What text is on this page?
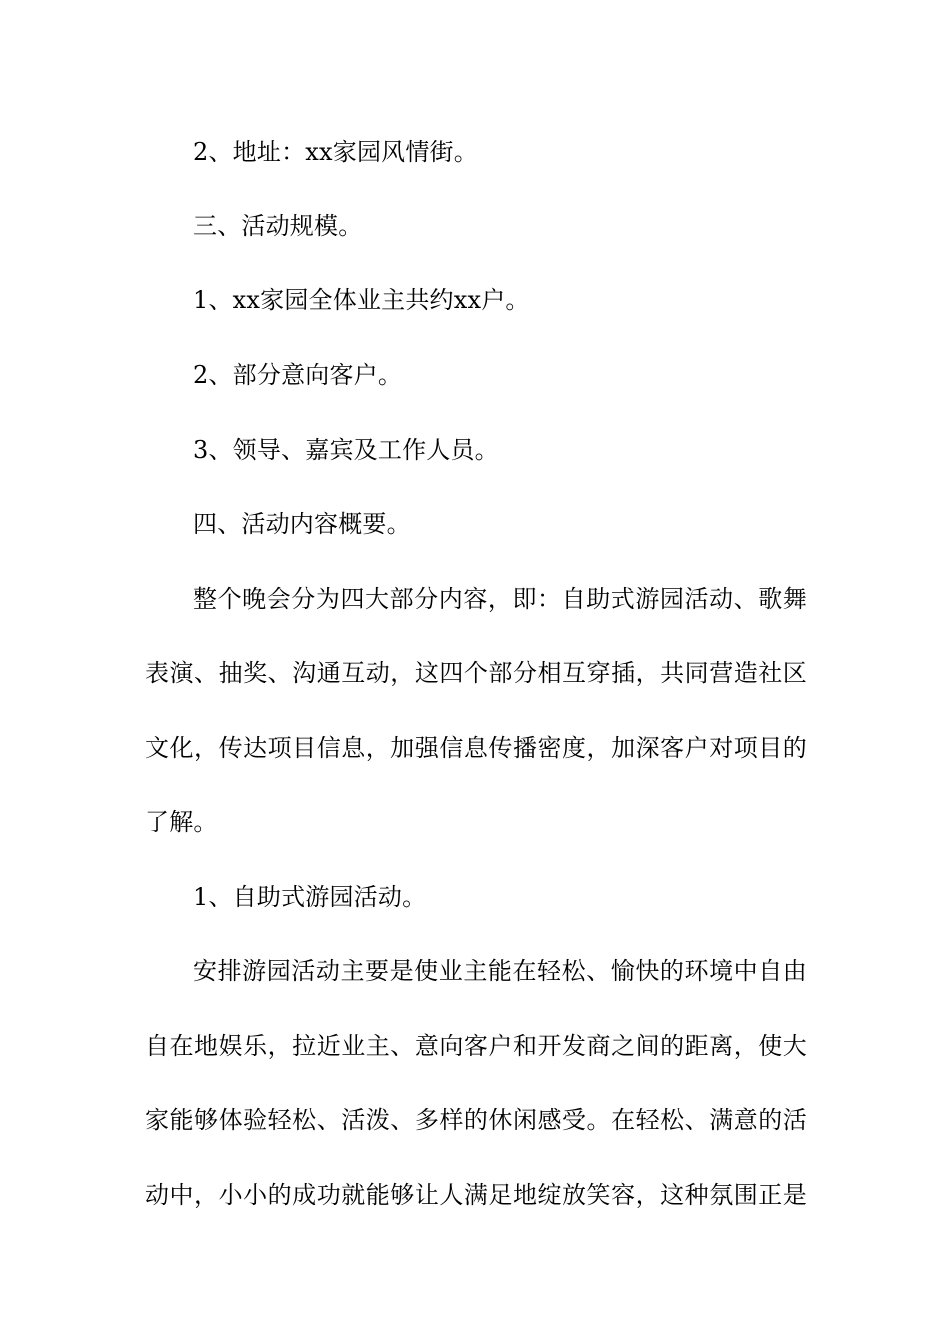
2、地址：xx家园风情街。
三、活动规模。
1、xx家园全体业主共约xx户。
2、部分意向客户。
3、领导、嘉宾及工作人员。
四、活动内容概要。
整个晚会分为四大部分内容，即：自助式游园活动、歌舞
表演、抽奖、沟通互动，这四个部分相互穿插，共同营造社区
文化，传达项目信息，加强信息传播密度，加深客户对项目的
了解。
1、自助式游园活动。
安排游园活动主要是使业主能在轻松、愉快的环境中自由
自在地娱乐，拉近业主、意向客户和开发商之间的距离，使大
家能够体验轻松、活泼、多样的休闲感受。在轻松、满意的活
动中，小小的成功就能够让人满足地绽放笑容，这种氛围正是
